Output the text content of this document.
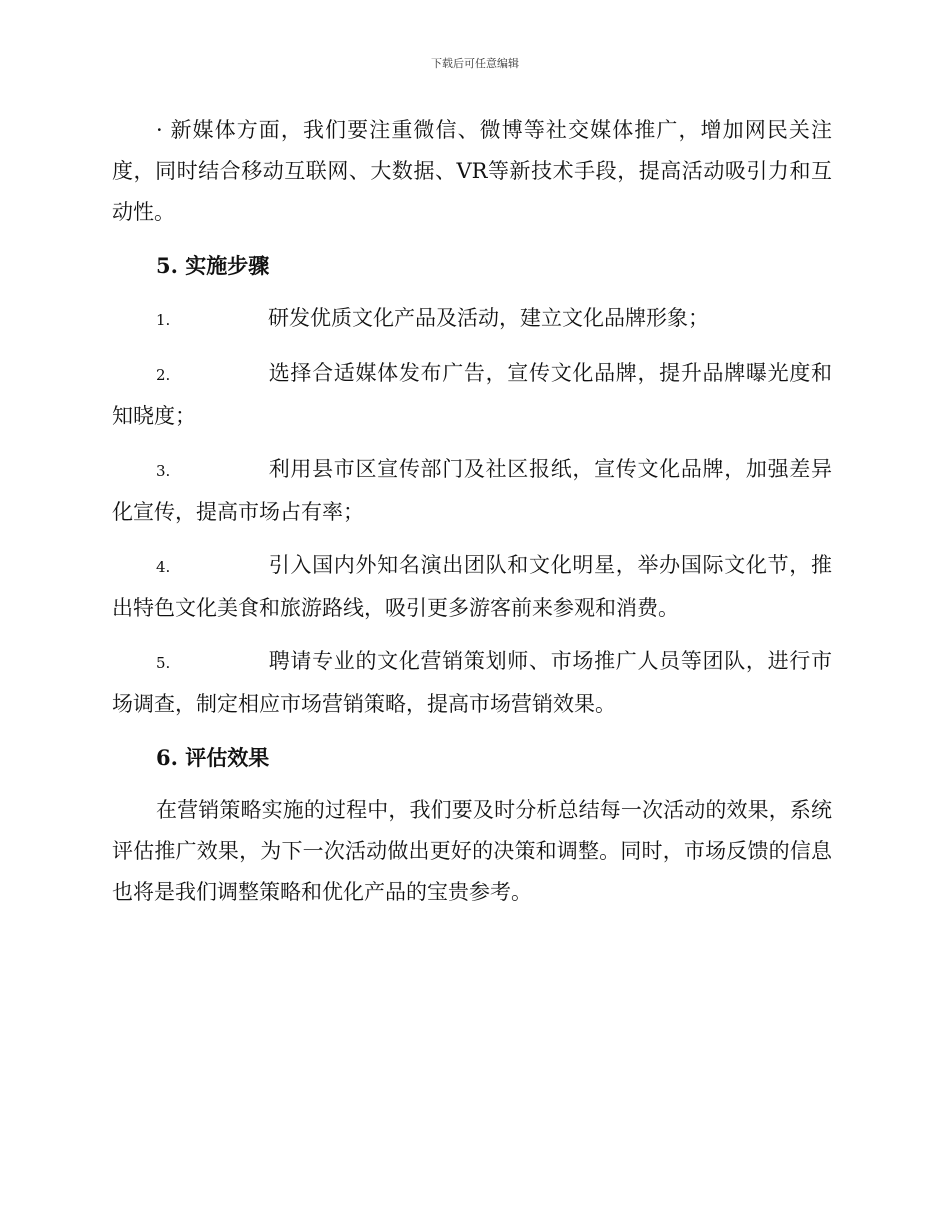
下载后可任意编辑

· 新媒体方面，我们要注重微信、微博等社交媒体推广，增加网民关注度，同时结合移动互联网、大数据、VR等新技术手段，提高活动吸引力和互动性。

5. 实施步骤

1.	研发优质文化产品及活动，建立文化品牌形象；

2.	选择合适媒体发布广告，宣传文化品牌，提升品牌曝光度和知晓度；

3.	利用县市区宣传部门及社区报纸，宣传文化品牌，加强差异化宣传，提高市场占有率；

4.	引入国内外知名演出团队和文化明星，举办国际文化节，推出特色文化美食和旅游路线，吸引更多游客前来参观和消费。

5.	聘请专业的文化营销策划师、市场推广人员等团队，进行市场调查，制定相应市场营销策略，提高市场营销效果。

6. 评估效果

在营销策略实施的过程中，我们要及时分析总结每一次活动的效果，系统评估推广效果，为下一次活动做出更好的决策和调整。同时，市场反馈的信息也将是我们调整策略和优化产品的宝贵参考。
